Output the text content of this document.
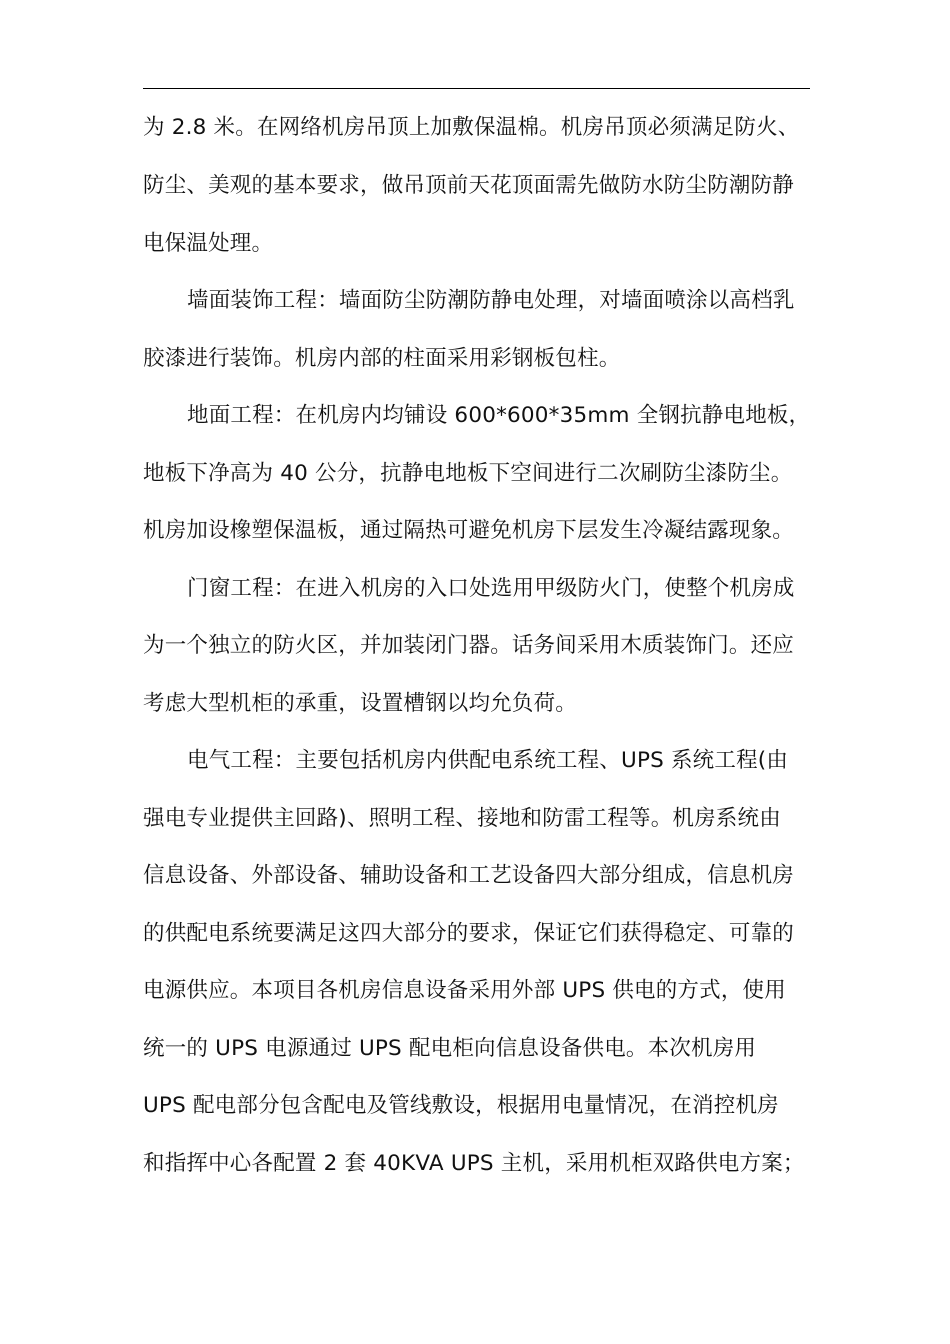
为 2.8 米。在网络机房吊顶上加敷保温棉。机房吊顶必须满足防火、
防尘、美观的基本要求，做吊顶前天花顶面需先做防水防尘防潮防静
电保温处理。
墙面装饰工程：墙面防尘防潮防静电处理，对墙面喷涂以高档乳
胶漆进行装饰。机房内部的柱面采用彩钢板包柱。
地面工程：在机房内均铺设 600*600*35mm 全钢抗静电地板，
地板下净高为 40 公分，抗静电地板下空间进行二次刷防尘漆防尘。
机房加设橡塑保温板，通过隔热可避免机房下层发生冷凝结露现象。
门窗工程：在进入机房的入口处选用甲级防火门，使整个机房成
为一个独立的防火区，并加装闭门器。话务间采用木质装饰门。还应
考虑大型机柜的承重，设置槽钢以均允负荷。
电气工程：主要包括机房内供配电系统工程、UPS 系统工程(由
强电专业提供主回路)、照明工程、接地和防雷工程等。机房系统由
信息设备、外部设备、辅助设备和工艺设备四大部分组成，信息机房
的供配电系统要满足这四大部分的要求，保证它们获得稳定、可靠的
电源供应。本项目各机房信息设备采用外部 UPS 供电的方式，使用
统一的 UPS 电源通过 UPS 配电柜向信息设备供电。本次机房用
UPS 配电部分包含配电及管线敷设，根据用电量情况，在消控机房
和指挥中心各配置 2 套 40KVA UPS 主机，采用机柜双路供电方案；
